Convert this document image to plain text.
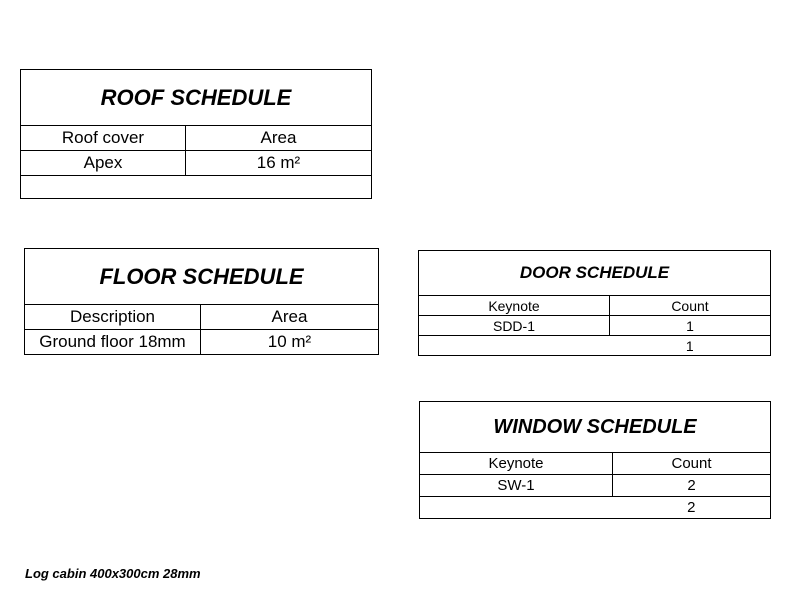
ROOF SCHEDULE	
Roof cover	Area
Apex	16 m²

FLOOR SCHEDULE	
Description	Area
Ground floor 18mm	10 m²
DOOR SCHEDULE	
Keynote	Count
SDD-1	1
	1
WINDOW SCHEDULE	
Keynote	Count
SW-1	2
	2
Log cabin 400x300cm 28mm
